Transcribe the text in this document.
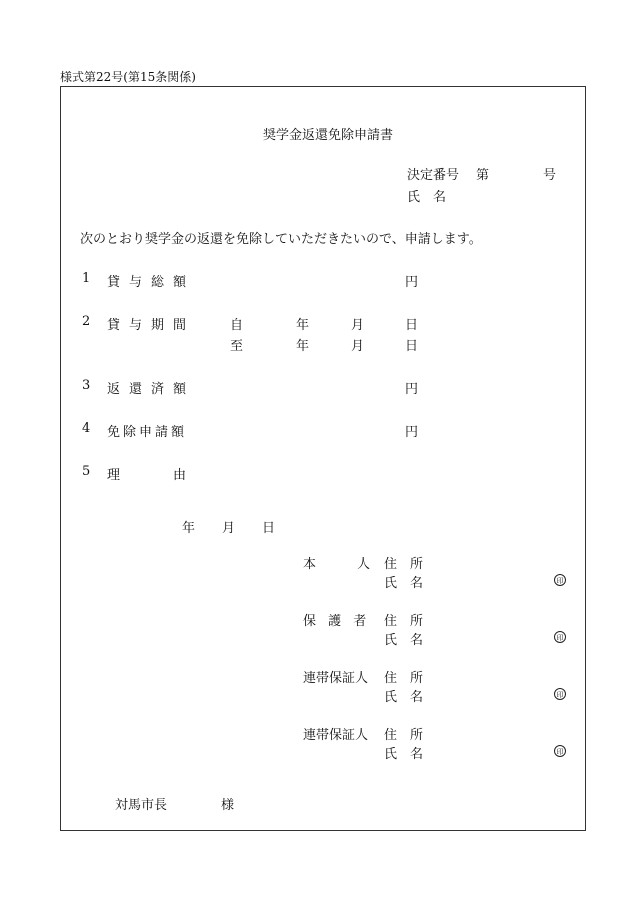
様式第22号(第15条関係)
奨学金返還免除申請書
決定番号 第	号
氏　名
次のとおり奨学金の返還を免除していただきたいので、申請します。
1 貸与総額	円
2 貸与期間	自	年	月	日
至	年	月	日
3 返還済額	円
4 免除申請額	円
5 理	由
年 月 日
本	人 住　所
氏　名	印
保 護 者 住　所
氏　名	印
連帯保証人 住　所
氏　名	印
連帯保証人 住　所
氏　名	印
対馬市長	様
